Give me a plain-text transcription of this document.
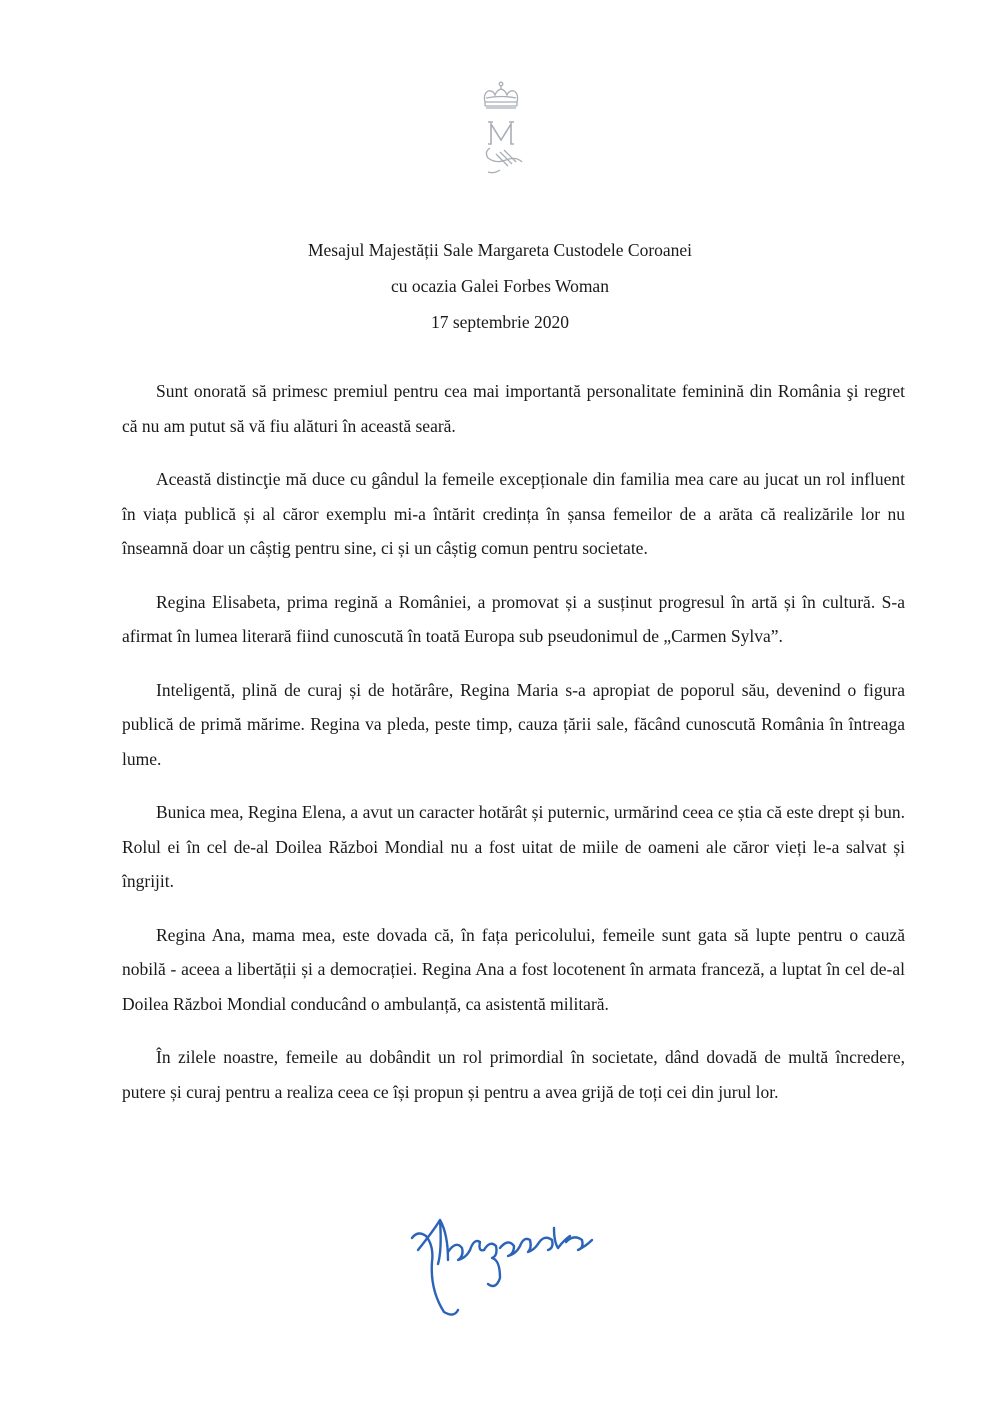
Mesajul Majestății Sale Margareta Custodele Coroanei
cu ocazia Galei Forbes Woman
17 septembrie 2020

Sunt onorată să primesc premiul pentru cea mai importantă personalitate feminină din România şi regret că nu am putut să vă fiu alături în această seară.

Această distincţie mă duce cu gândul la femeile excepționale din familia mea care au jucat un rol influent în viața publică și al căror exemplu mi-a întărit credința în șansa femeilor de a arăta că realizările lor nu înseamnă doar un câștig pentru sine, ci și un câștig comun pentru societate.

Regina Elisabeta, prima regină a României, a promovat și a susținut progresul în artă și în cultură. S-a afirmat în lumea literară fiind cunoscută în toată Europa sub pseudonimul de „Carmen Sylva”.

Inteligentă, plină de curaj și de hotărâre, Regina Maria s-a apropiat de poporul său, devenind o figura publică de primă mărime. Regina va pleda, peste timp, cauza țării sale, făcând cunoscută România în întreaga lume.

Bunica mea, Regina Elena, a avut un caracter hotărât și puternic, urmărind ceea ce știa că este drept și bun. Rolul ei în cel de-al Doilea Război Mondial nu a fost uitat de miile de oameni ale căror vieți le-a salvat și îngrijit.

Regina Ana, mama mea, este dovada că, în fața pericolului, femeile sunt gata să lupte pentru o cauză nobilă - aceea a libertății și a democrației. Regina Ana a fost locotenent în armata franceză, a luptat în cel de-al Doilea Război Mondial conducând o ambulanță, ca asistentă militară.

În zilele noastre, femeile au dobândit un rol primordial în societate, dând dovadă de multă încredere, putere și curaj pentru a realiza ceea ce își propun și pentru a avea grijă de toți cei din jurul lor.
